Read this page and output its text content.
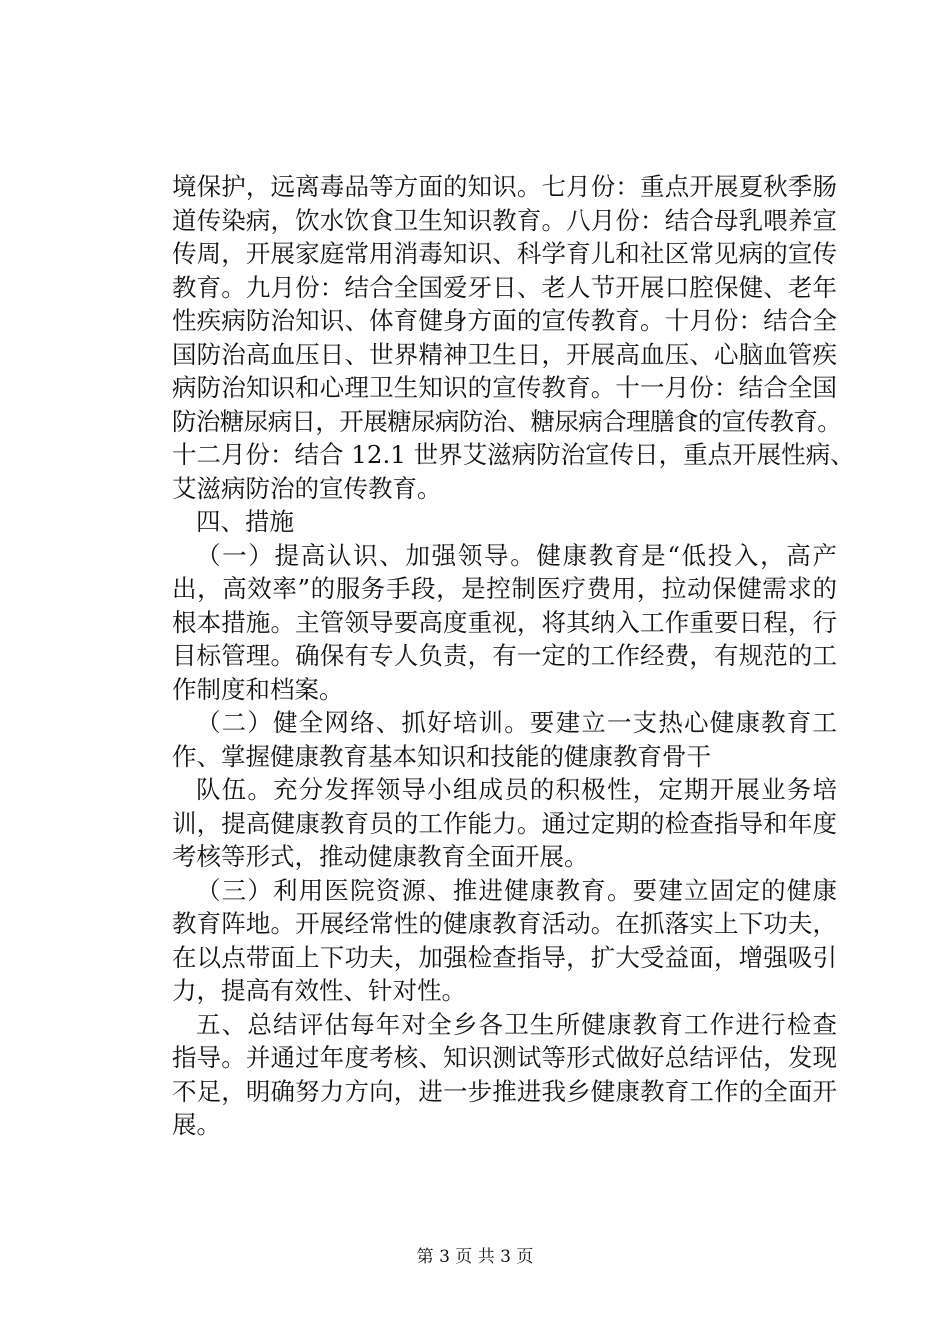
境保护，远离毒品等方面的知识。七月份：重点开展夏秋季肠
道传染病，饮水饮食卫生知识教育。八月份：结合母乳喂养宣
传周，开展家庭常用消毒知识、科学育儿和社区常见病的宣传
教育。九月份：结合全国爱牙日、老人节开展口腔保健、老年
性疾病防治知识、体育健身方面的宣传教育。十月份：结合全
国防治高血压日、世界精神卫生日，开展高血压、心脑血管疾
病防治知识和心理卫生知识的宣传教育。十一月份：结合全国
防治糖尿病日，开展糖尿病防治、糖尿病合理膳食的宣传教育。
十二月份：结合 12.1 世界艾滋病防治宣传日，重点开展性病、
艾滋病防治的宣传教育。
四、措施
（一）提高认识、加强领导。健康教育是“低投入，高产
出，高效率”的服务手段，是控制医疗费用，拉动保健需求的
根本措施。主管领导要高度重视，将其纳入工作重要日程，行
目标管理。确保有专人负责，有一定的工作经费，有规范的工
作制度和档案。
（二）健全网络、抓好培训。要建立一支热心健康教育工
作、掌握健康教育基本知识和技能的健康教育骨干
队伍。充分发挥领导小组成员的积极性，定期开展业务培
训，提高健康教育员的工作能力。通过定期的检查指导和年度
考核等形式，推动健康教育全面开展。
（三）利用医院资源、推进健康教育。要建立固定的健康
教育阵地。开展经常性的健康教育活动。在抓落实上下功夫，
在以点带面上下功夫，加强检查指导，扩大受益面，增强吸引
力，提高有效性、针对性。
五、总结评估每年对全乡各卫生所健康教育工作进行检查
指导。并通过年度考核、知识测试等形式做好总结评估，发现
不足，明确努力方向，进一步推进我乡健康教育工作的全面开
展。
第 3 页 共 3 页
